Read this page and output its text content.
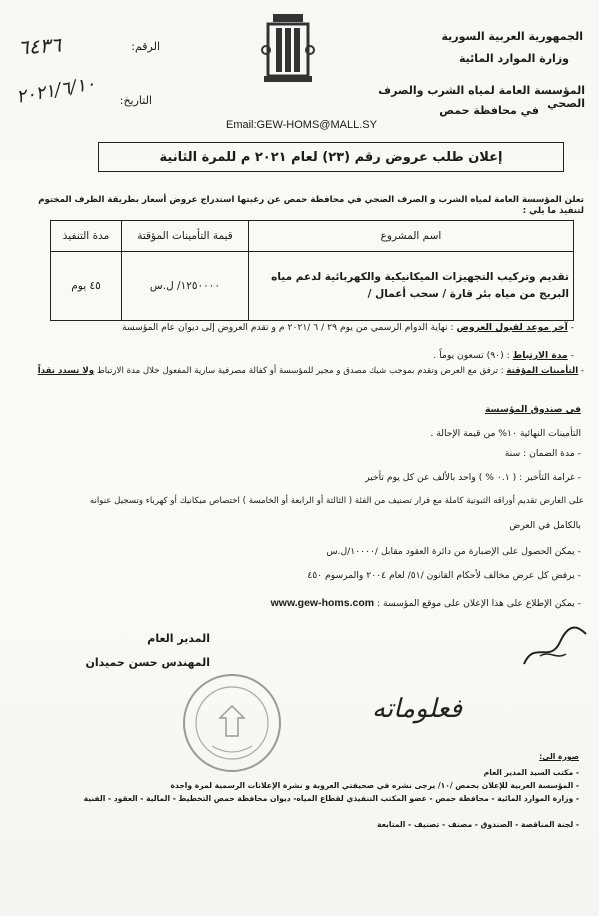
٦٤٣٦	الرقم:
٢٠٢١/٦/١٠	التاريخ:
الجمهورية العربية السورية
وزارة الموارد المائية
المؤسسة العامة لمياه الشرب والصرف الصحي
في محافظة حمص
Email:GEW-HOMS@MALL.SY
إعلان طلب عروض رقم (٢٣) لعام ٢٠٢١ م للمرة الثانية
تعلن المؤسسة العامة لمياه الشرب و الصرف الصحي في محافظة حمص عن رغبتها استدراج عروض أسعار بطريقة الظرف المختوم لتنفيذ ما يلي :
اسم المشروع	قيمة التأمينات المؤقتة	مدة التنفيذ
تقديم وتركيب التجهيزات الميكانيكية والكهربائية لدعم مياه البريج من مياه بئر قارة / سحب أعمال /	١٢٥٠٠٠٠/ ل.س	٤٥ يوم
- آخر موعد لقبول العروض : نهاية الدوام الرسمي من يوم ٢٩ / ٦ /٢٠٢١ م و تقدم العروض إلى ديوان عام المؤسسة
- مدة الارتباط : (٩٠) تسعون يوماً .
- التأمينات المؤقتة : ترفق مع العرض وتقدم بموجب شيك مصدق و مجير للمؤسسة أو كفالة مصرفية سارية المفعول خلال مدة الارتباط ولا تسدد نقداً
في صندوق المؤسسة
التأمينات النهائية ١٠% من قيمة الإحالة .
- مدة الضمان : سنة
- غرامة التأخير : ( ٠.١ % ) واحد بالألف عن كل يوم تأخير
على العارض تقديم أوراقه الثبوتية كاملة مع قرار تصنيف من الفئة ( الثالثة أو الرابعة أو الخامسة ) اختصاص ميكانيك أو كهرباء وتسجيل عنوانه
بالكامل في العرض
- يمكن الحصول على الإضبارة من دائرة العقود مقابل /١٠٠٠٠/ل.س
- يرفض كل عرض مخالف لأحكام القانون /٥١/ لعام ٢٠٠٤ والمرسوم ٤٥٠
- يمكن الإطلاع على هذا الإعلان على موقع المؤسسة : www.gew-homs.com
المدير العام
المهندس حسن حميدان
فعلوماته
صورة الى:
- مكتب السيد المدير العام
- المؤسسة العربية للإعلان بحمص /١٠/ يرجى نشره في صحيفتي العروبة و نشرة الإعلانات الرسمية لمرة واحدة
- وزارة الموارد المائية - محافظة حمص - عضو المكتب التنفيذي لقطاع المياه- ديوان محافظة حمص التخطيط - المالية - العقود - الفنية
- لجنة المناقصة - الصندوق - مصنف - تصنيف - المتابعة
